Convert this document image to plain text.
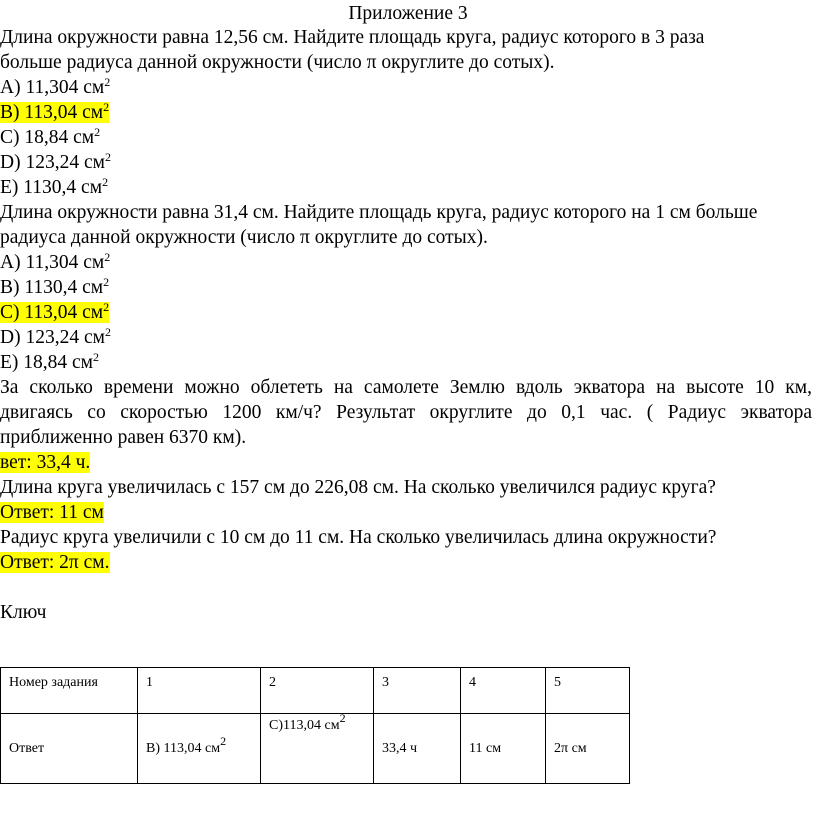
Приложение 3
Длина окружности равна 12,56 см. Найдите площадь круга, радиус которого в 3 раза
больше радиуса данной окружности (число π округлите до сотых).
A) 11,304 $см^2$
B) 113,04 $см^2$
C) 18,84 $см^2$
D) 123,24 $см^2$
E) 1130,4 $см^2$
Длина окружности равна 31,4 см. Найдите площадь круга, радиус которого на 1 см больше
радиуса данной окружности (число π округлите до сотых).
A) 11,304 $см^2$
B) 1130,4 $см^2$
C) 113,04 $см^2$
D) 123,24 $см^2$
E) 18,84 $см^2$
За сколько времени можно облететь на самолете Землю вдоль экватора на высоте 10 км,
двигаясь со скоростью 1200 км/ч? Результат округлите до 0,1 час. ( Радиус экватора
приближенно равен 6370 км).
вет: 33,4 ч.
Длина круга увеличилась с 157 см до 226,08 см. На сколько увеличился радиус круга?
Ответ: 11 см
Радиус круга увеличили с 10 см до 11 см. На сколько увеличилась длина окружности?
Ответ: 2π см.
Ключ
Номер задания	1	2	3	4	5
Ответ	B) 113,04 $см^2$	C)113,04 $см^2$	33,4 ч	11 см	2π см
